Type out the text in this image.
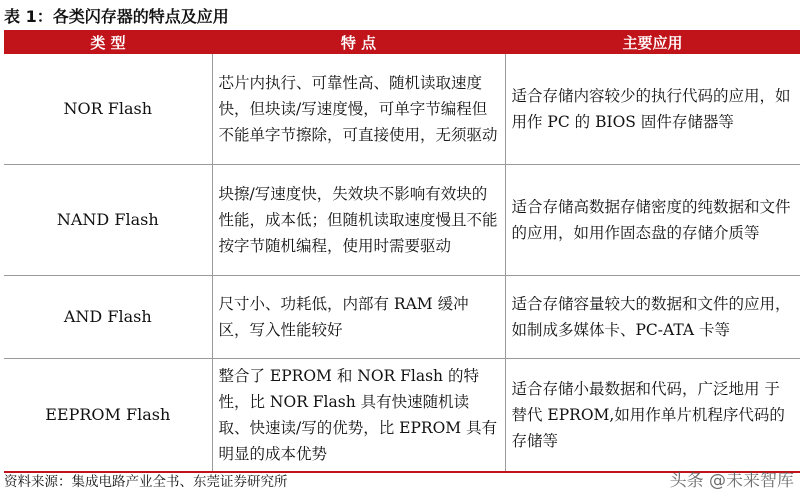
表 1：各类闪存器的特点及应用
类 型	特 点	主要应用
NOR Flash	芯片内执行、可靠性高、随机读取速度快，但块读/写速度慢，可单字节编程但不能单字节擦除，可直接使用，无须驱动	适合存储内容较少的执行代码的应用，如用作 PC 的 BIOS 固件存储器等
NAND Flash	块擦/写速度快，失效块不影响有效块的性能，成本低；但随机读取速度慢且不能按字节随机编程，使用时需要驱动	适合存储高数据存储密度的纯数据和文件的应用，如用作固态盘的存储介质等
AND Flash	尺寸小、功耗低，内部有 RAM 缓冲区，写入性能较好	适合存储容量较大的数据和文件的应用，如制成多媒体卡、PC-ATA 卡等
EEPROM Flash	整合了 EPROM 和 NOR Flash 的特性，比 NOR Flash 具有快速随机读取、快速读/写的优势，比 EPROM 具有明显的成本优势	适合存储小最数据和代码，广泛地用 于替代 EPROM,如用作单片机程序代码的存储等
资料来源：集成电路产业全书、东莞证券研究所	头条 @未来智库
